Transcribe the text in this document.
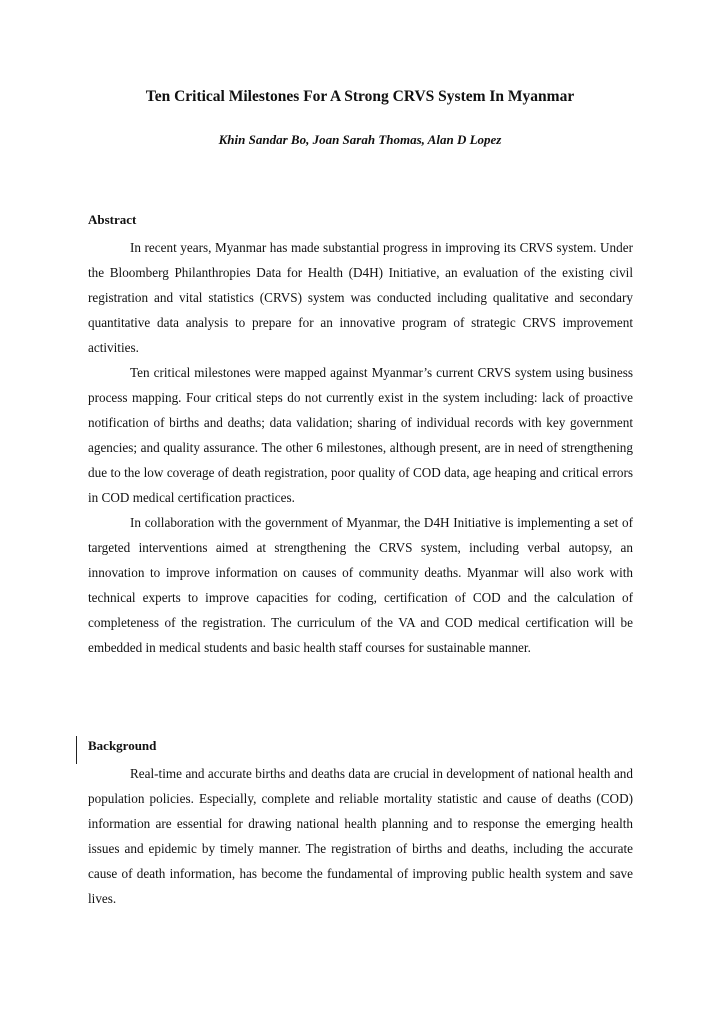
Ten Critical Milestones For A Strong CRVS System In Myanmar
Khin Sandar Bo, Joan Sarah Thomas, Alan D Lopez
Abstract

In recent years, Myanmar has made substantial progress in improving its CRVS system. Under the Bloomberg Philanthropies Data for Health (D4H) Initiative, an evaluation of the existing civil registration and vital statistics (CRVS) system was conducted including qualitative and secondary quantitative data analysis to prepare for an innovative program of strategic CRVS improvement activities.

Ten critical milestones were mapped against Myanmar’s current CRVS system using business process mapping. Four critical steps do not currently exist in the system including: lack of proactive notification of births and deaths; data validation; sharing of individual records with key government agencies; and quality assurance. The other 6 milestones, although present, are in need of strengthening due to the low coverage of death registration, poor quality of COD data, age heaping and critical errors in COD medical certification practices.

In collaboration with the government of Myanmar, the D4H Initiative is implementing a set of targeted interventions aimed at strengthening the CRVS system, including verbal autopsy, an innovation to improve information on causes of community deaths. Myanmar will also work with technical experts to improve capacities for coding, certification of COD and the calculation of completeness of the registration. The curriculum of the VA and COD medical certification will be embedded in medical students and basic health staff courses for sustainable manner.

Background

Real-time and accurate births and deaths data are crucial in development of national health and population policies. Especially, complete and reliable mortality statistic and cause of deaths (COD) information are essential for drawing national health planning and to response the emerging health issues and epidemic by timely manner. The registration of births and deaths, including the accurate cause of death information, has become the fundamental of improving public health system and save lives.
